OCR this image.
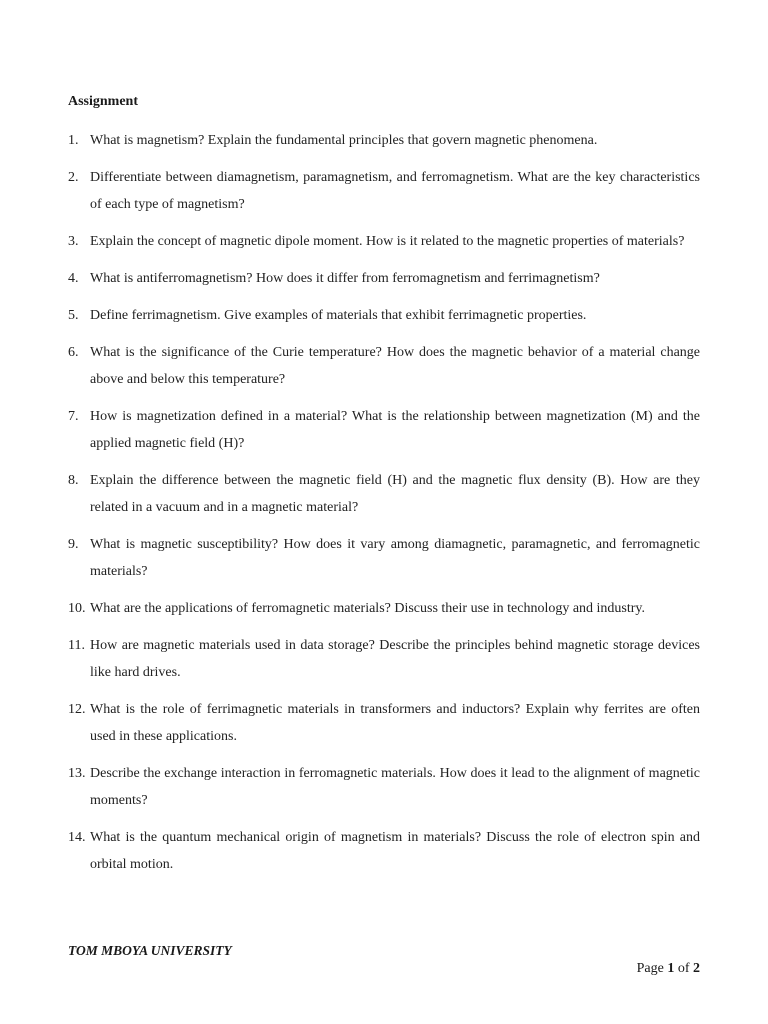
Assignment
1. What is magnetism? Explain the fundamental principles that govern magnetic phenomena.
2. Differentiate between diamagnetism, paramagnetism, and ferromagnetism. What are the key characteristics of each type of magnetism?
3. Explain the concept of magnetic dipole moment. How is it related to the magnetic properties of materials?
4. What is antiferromagnetism? How does it differ from ferromagnetism and ferrimagnetism?
5. Define ferrimagnetism. Give examples of materials that exhibit ferrimagnetic properties.
6. What is the significance of the Curie temperature? How does the magnetic behavior of a material change above and below this temperature?
7. How is magnetization defined in a material? What is the relationship between magnetization (M) and the applied magnetic field (H)?
8. Explain the difference between the magnetic field (H) and the magnetic flux density (B). How are they related in a vacuum and in a magnetic material?
9. What is magnetic susceptibility? How does it vary among diamagnetic, paramagnetic, and ferromagnetic materials?
10. What are the applications of ferromagnetic materials? Discuss their use in technology and industry.
11. How are magnetic materials used in data storage? Describe the principles behind magnetic storage devices like hard drives.
12. What is the role of ferrimagnetic materials in transformers and inductors? Explain why ferrites are often used in these applications.
13. Describe the exchange interaction in ferromagnetic materials. How does it lead to the alignment of magnetic moments?
14. What is the quantum mechanical origin of magnetism in materials? Discuss the role of electron spin and orbital motion.
TOM MBOYA UNIVERSITY
Page 1 of 2
